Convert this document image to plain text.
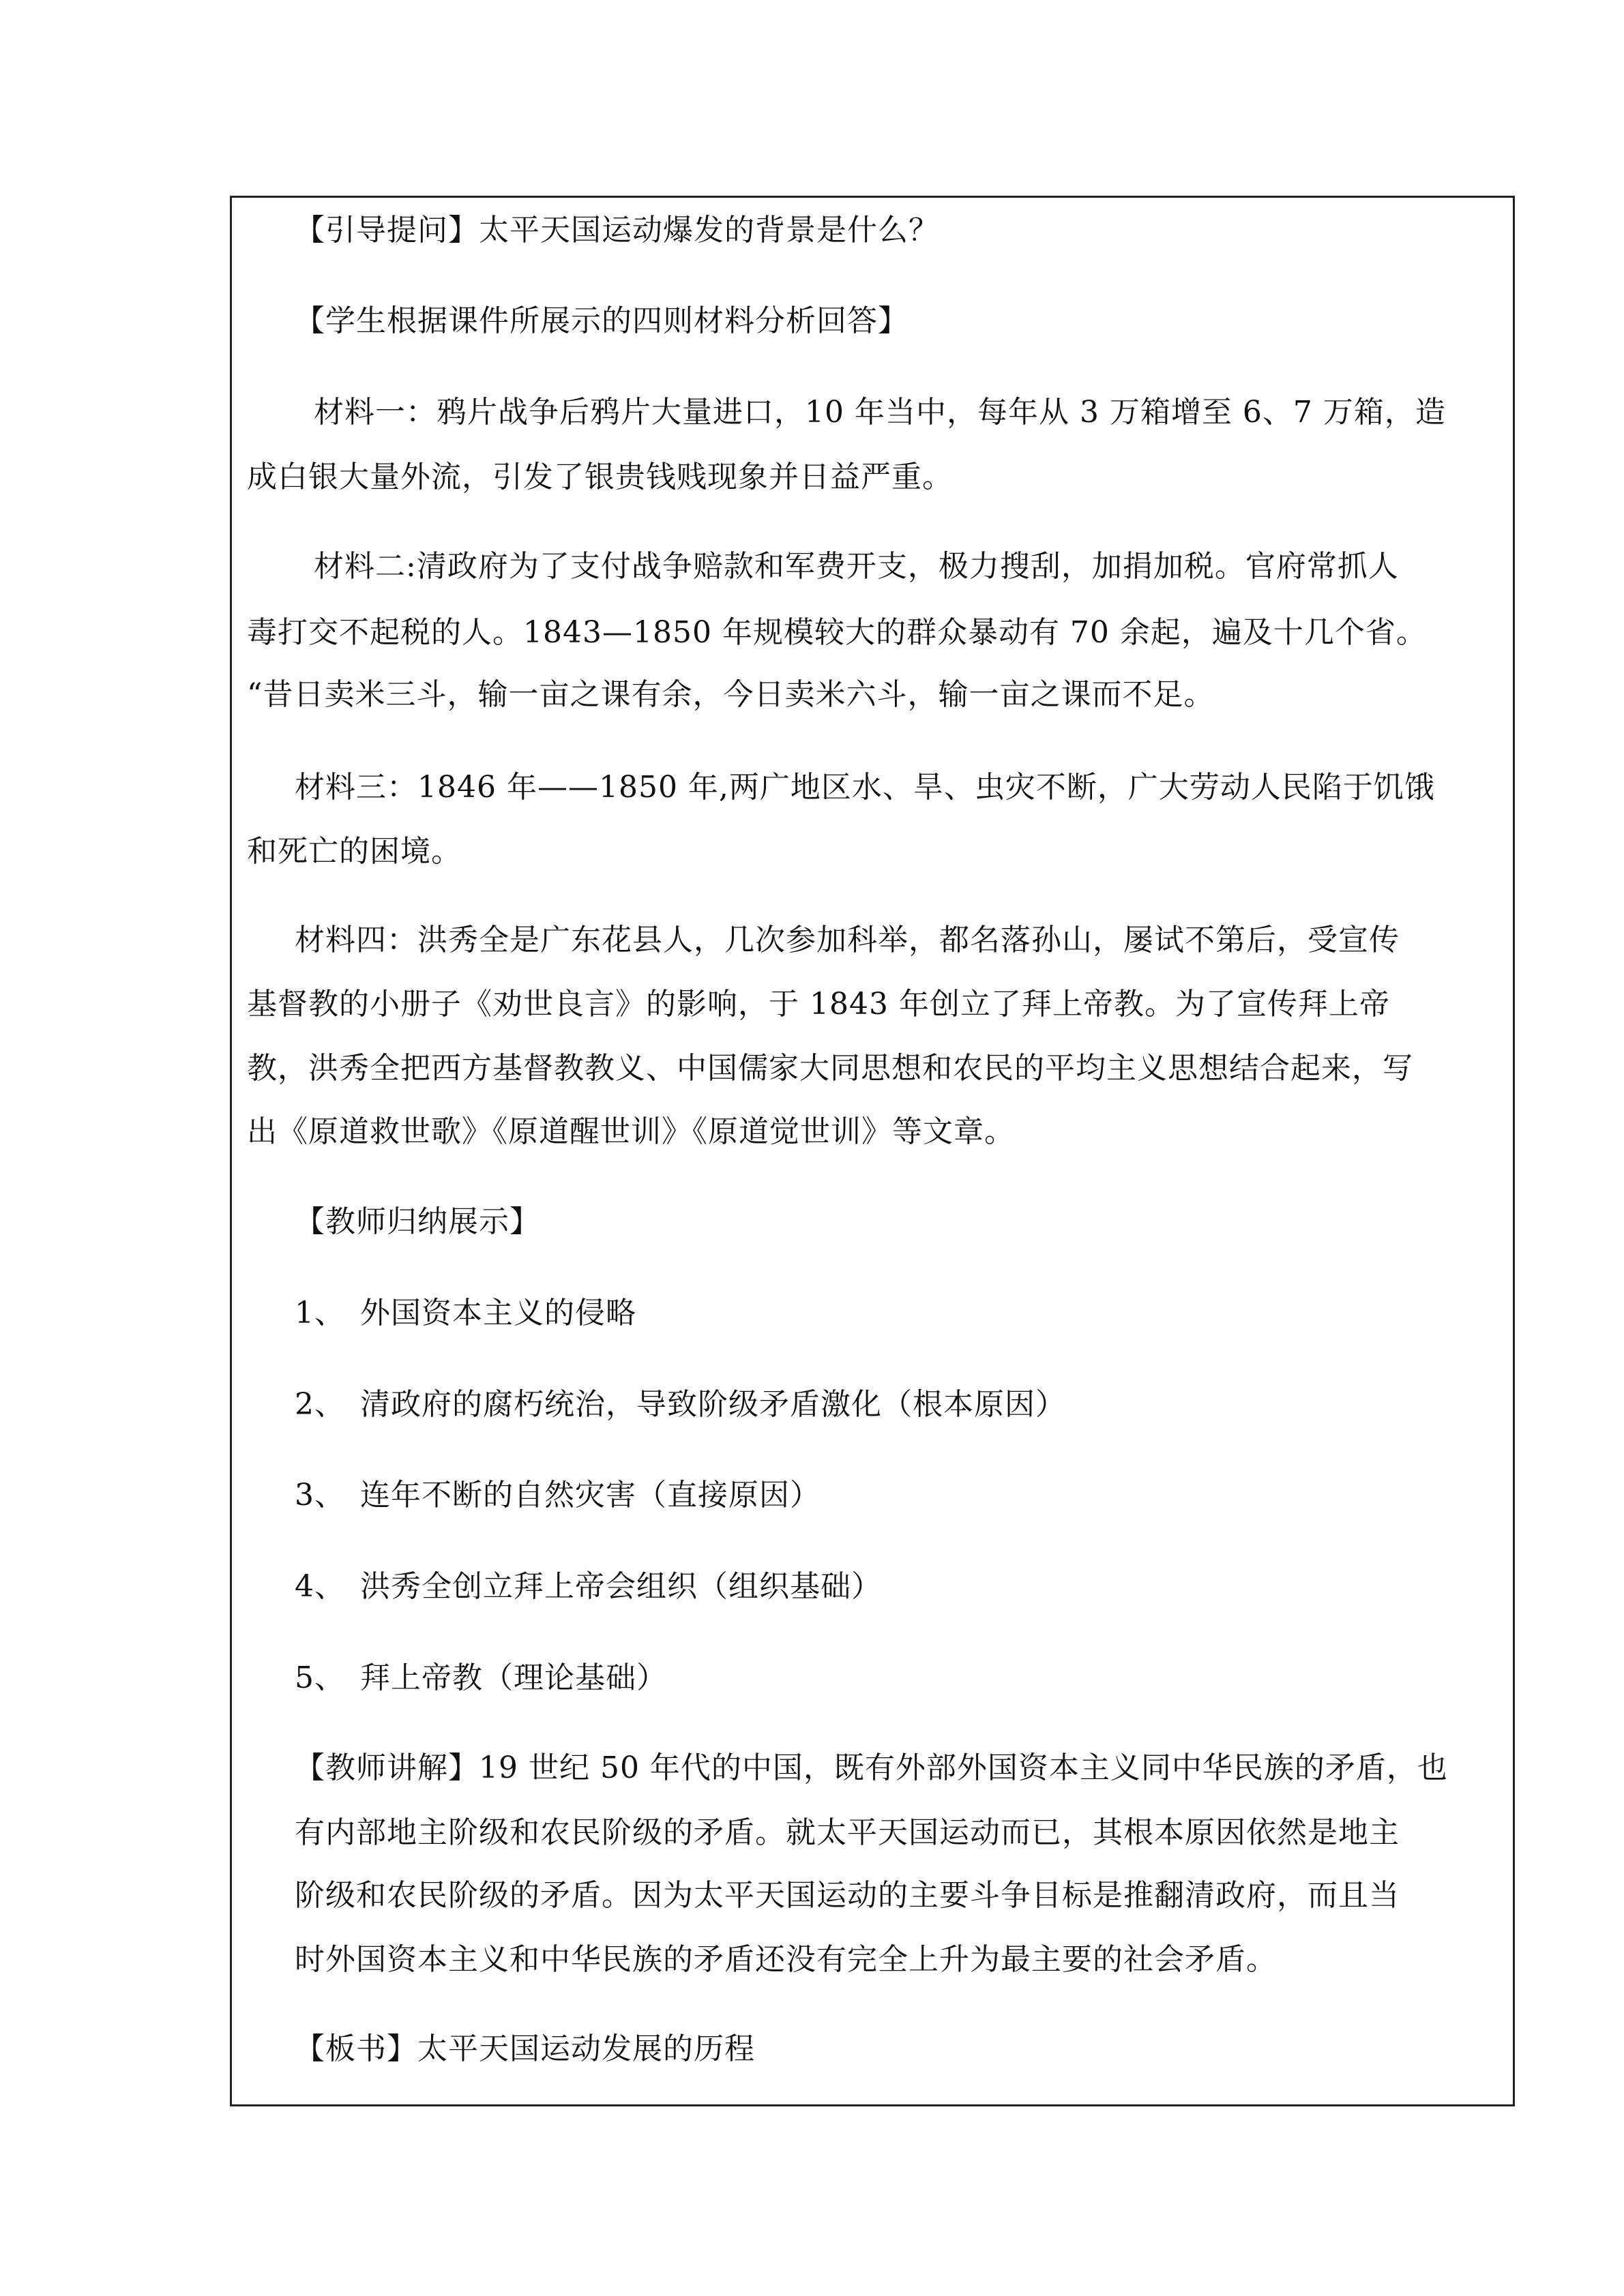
【引导提问】太平天国运动爆发的背景是什么？
【学生根据课件所展示的四则材料分析回答】
材料一：鸦片战争后鸦片大量进口，10 年当中，每年从 3 万箱增至 6、7 万箱，造
成白银大量外流，引发了银贵钱贱现象并日益严重。
材料二:清政府为了支付战争赔款和军费开支，极力搜刮，加捐加税。官府常抓人
毒打交不起税的人。1843—1850 年规模较大的群众暴动有 70 余起，遍及十几个省。
“昔日卖米三斗，输一亩之课有余，今日卖米六斗，输一亩之课而不足。
材料三：1846 年——1850 年,两广地区水、旱、虫灾不断，广大劳动人民陷于饥饿
和死亡的困境。
材料四：洪秀全是广东花县人，几次参加科举，都名落孙山，屡试不第后，受宣传
基督教的小册子《劝世良言》的影响，于 1843 年创立了拜上帝教。为了宣传拜上帝
教，洪秀全把西方基督教教义、中国儒家大同思想和农民的平均主义思想结合起来，写
出《原道救世歌》《原道醒世训》《原道觉世训》等文章。
【教师归纳展示】
1、 外国资本主义的侵略
2、 清政府的腐朽统治，导致阶级矛盾激化（根本原因）
3、 连年不断的自然灾害（直接原因）
4、 洪秀全创立拜上帝会组织（组织基础）
5、 拜上帝教（理论基础）
【教师讲解】19 世纪 50 年代的中国，既有外部外国资本主义同中华民族的矛盾，也
有内部地主阶级和农民阶级的矛盾。就太平天国运动而已，其根本原因依然是地主
阶级和农民阶级的矛盾。因为太平天国运动的主要斗争目标是推翻清政府，而且当
时外国资本主义和中华民族的矛盾还没有完全上升为最主要的社会矛盾。
【板书】太平天国运动发展的历程
